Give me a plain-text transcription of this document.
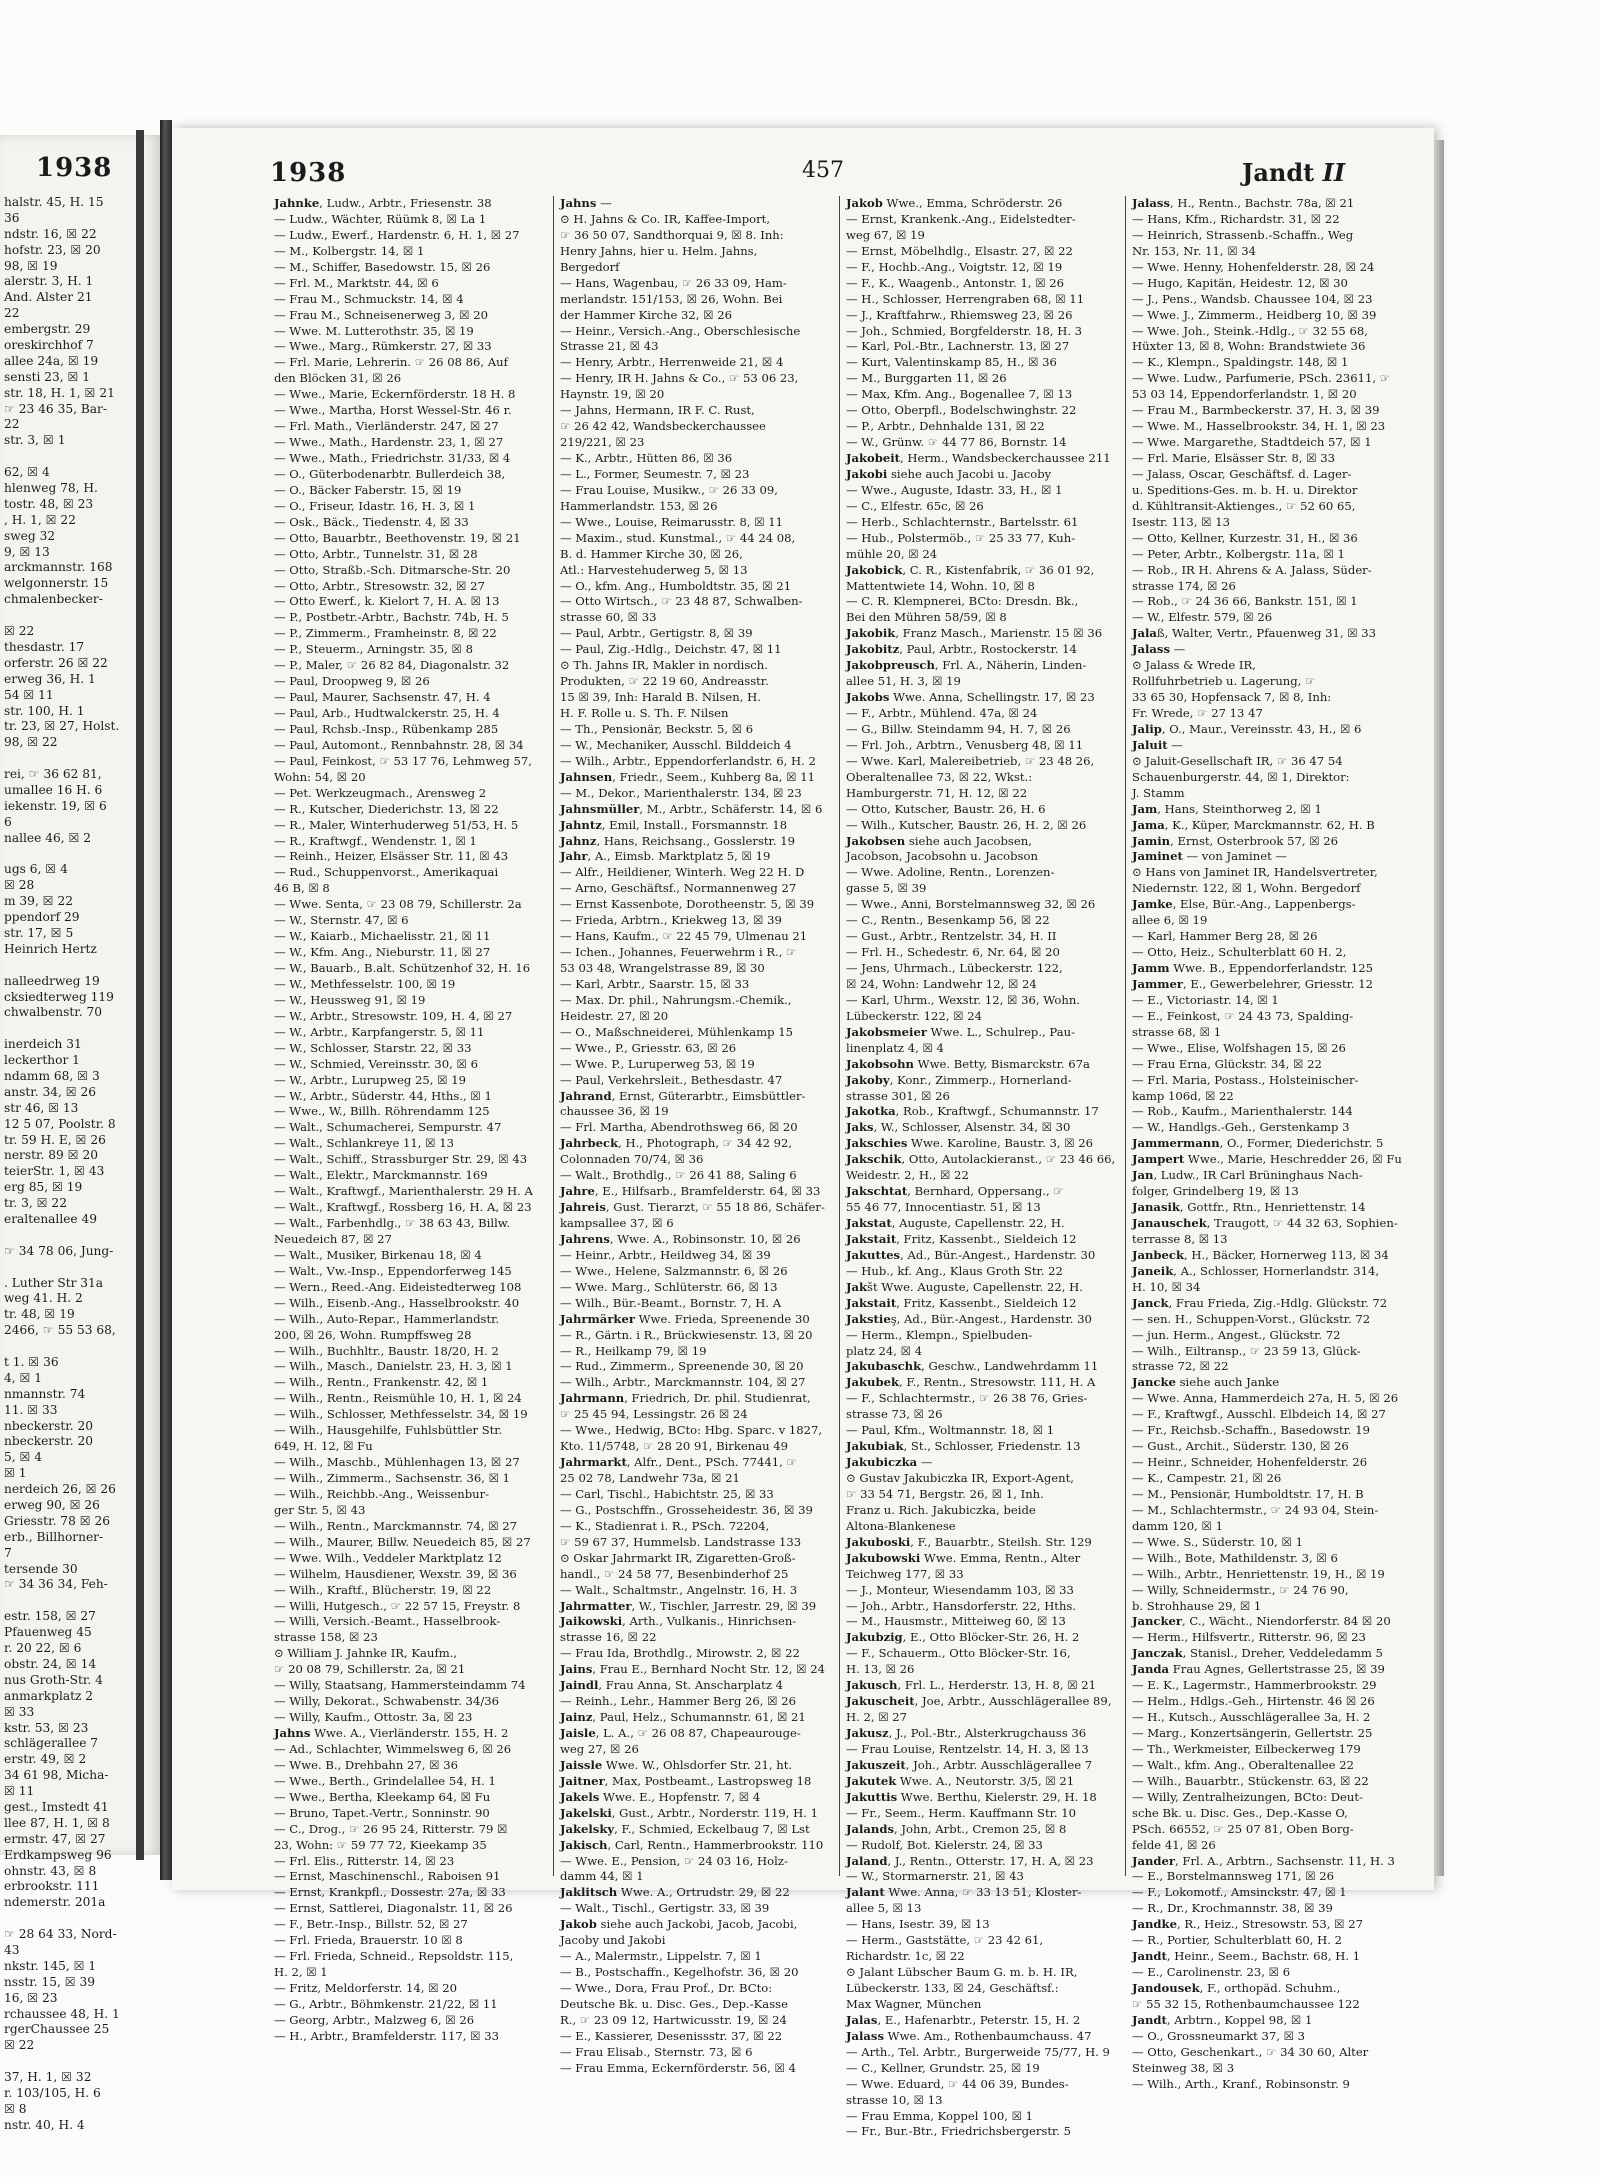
1938
halstr. 45, H. 15
36
ndstr. 16, ☒ 22
hofstr. 23, ☒ 20
98, ☒ 19
alerstr. 3, H. 1
And. Alster 21
22
embergstr. 29
oreskirchhof 7
allee 24a, ☒ 19
sensti 23, ☒ 1
str. 18, H. 1, ☒ 21
☞ 23 46 35, Bar-
22
str. 3, ☒ 1
62, ☒ 4
hlenweg 78, H.
tostr. 48, ☒ 23
, H. 1, ☒ 22
sweg 32
9, ☒ 13
arckmannstr. 168
welgonnerstr. 15
chmalenbecker-
☒ 22
thesdastr. 17
orferstr. 26 ☒ 22
erweg 36, H. 1
54 ☒ 11
str. 100, H. 1
tr. 23, ☒ 27, Holst.
98, ☒ 22
rei, ☞ 36 62 81,
umallee 16 H. 6
iekenstr. 19, ☒ 6
6
nallee 46, ☒ 2
ugs 6, ☒ 4
☒ 28
m 39, ☒ 22
ppendorf 29
str. 17, ☒ 5
Heinrich Hertz
nalleedrweg 19
cksiedterweg 119
chwalbenstr. 70
inerdeich 31
leckerthor 1
ndamm 68, ☒ 3
anstr. 34, ☒ 26
str 46, ☒ 13
12 5 07, Poolstr. 8
tr. 59 H. E, ☒ 26
nerstr. 89 ☒ 20
teierStr. 1, ☒ 43
erg 85, ☒ 19
tr. 3, ☒ 22
eraltenallee 49
☞ 34 78 06, Jung-
. Luther Str 31a
weg 41. H. 2
tr. 48, ☒ 19
2466, ☞ 55 53 68,
t 1. ☒ 36
4, ☒ 1
nmannstr. 74
11. ☒ 33
nbeckerstr. 20
nbeckerstr. 20
5, ☒ 4
☒ 1
nerdeich 26, ☒ 26
erweg 90, ☒ 26
Griesstr. 78 ☒ 26
erb., Billhorner-
7
tersende 30
☞ 34 36 34, Feh-
estr. 158, ☒ 27
Pfauenweg 45
r. 20 22, ☒ 6
obstr. 24, ☒ 14
nus Groth-Str. 4
anmarkplatz 2
☒ 33
kstr. 53, ☒ 23
schlägerallee 7
erstr. 49, ☒ 2
34 61 98, Micha-
☒ 11
gest., Imstedt 41
llee 87, H. 1, ☒ 8
ermstr. 47, ☒ 27
Erdkampsweg 96
ohnstr. 43, ☒ 8
erbrookstr. 111
ndemerstr. 201a
☞ 28 64 33, Nord-
43
nkstr. 145, ☒ 1
nsstr. 15, ☒ 39
16, ☒ 23
rchaussee 48, H. 1
rgerChaussee 25
☒ 22
37, H. 1, ☒ 32
r. 103/105, H. 6
☒ 8
nstr. 40, H. 4
1938	457	Jandt II
Jahnke, Ludw., Arbtr., Friesenstr. 38
— Ludw., Wächter, Rüümk 8, ☒ La 1
— Ludw., Ewerf., Hardenstr. 6, H. 1, ☒ 27
— M., Kolbergstr. 14, ☒ 1
— M., Schiffer, Basedowstr. 15, ☒ 26
— Frl. M., Marktstr. 44, ☒ 6
— Frau M., Schmuckstr. 14, ☒ 4
— Frau M., Schneisenerweg 3, ☒ 20
— Wwe. M. Lutterothstr. 35, ☒ 19
— Wwe., Marg., Rümkerstr. 27, ☒ 33
— Frl. Marie, Lehrerin. ☞ 26 08 86, Auf
den Blöcken 31, ☒ 26
— Wwe., Marie, Eckernförderstr. 18 H. 8
— Wwe., Martha, Horst Wessel-Str. 46 r.
— Frl. Math., Vierländerstr. 247, ☒ 27
— Wwe., Math., Hardenstr. 23, 1, ☒ 27
— Wwe., Math., Friedrichstr. 31/33, ☒ 4
— O., Güterbodenarbtr. Bullerdeich 38,
— O., Bäcker Faberstr. 15, ☒ 19
— O., Friseur, Idastr. 16, H. 3, ☒ 1
— Osk., Bäck., Tiedenstr. 4, ☒ 33
— Otto, Bauarbtr., Beethovenstr. 19, ☒ 21
— Otto, Arbtr., Tunnelstr. 31, ☒ 28
— Otto, Straßb.-Sch. Ditmarsche-Str. 20
— Otto, Arbtr., Stresowstr. 32, ☒ 27
— Otto Ewerf., k. Kielort 7, H. A. ☒ 13
— P., Postbetr.-Arbtr., Bachstr. 74b, H. 5
— P., Zimmerm., Framheinstr. 8, ☒ 22
— P., Steuerm., Arningstr. 35, ☒ 8
— P., Maler, ☞ 26 82 84, Diagonalstr. 32
— Paul, Droopweg 9, ☒ 26
— Paul, Maurer, Sachsenstr. 47, H. 4
— Paul, Arb., Hudtwalckerstr. 25, H. 4
— Paul, Rchsb.-Insp., Rübenkamp 285
— Paul, Automont., Rennbahnstr. 28, ☒ 34
— Paul, Feinkost, ☞ 53 17 76, Lehmweg 57,
Wohn: 54, ☒ 20
— Pet. Werkzeugmach., Arensweg 2
— R., Kutscher, Diederichstr. 13, ☒ 22
— R., Maler, Winterhuderweg 51/53, H. 5
— R., Kraftwgf., Wendenstr. 1, ☒ 1
— Reinh., Heizer, Elsässer Str. 11, ☒ 43
— Rud., Schuppenvorst., Amerikaquai
46 B, ☒ 8
— Wwe. Senta, ☞ 23 08 79, Schillerstr. 2a
— W., Sternstr. 47, ☒ 6
— W., Kaiarb., Michaelisstr. 21, ☒ 11
— W., Kfm. Ang., Nieburstr. 11, ☒ 27
— W., Bauarb., B.alt. Schützenhof 32, H. 16
— W., Methfesselstr. 100, ☒ 19
— W., Heussweg 91, ☒ 19
— W., Arbtr., Stresowstr. 109, H. 4, ☒ 27
— W., Arbtr., Karpfangerstr. 5, ☒ 11
— W., Schlosser, Starstr. 22, ☒ 33
— W., Schmied, Vereinsstr. 30, ☒ 6
— W., Arbtr., Lurupweg 25, ☒ 19
— W., Arbtr., Süderstr. 44, Hths., ☒ 1
— Wwe., W., Billh. Röhrendamm 125
— Walt., Schumacherei, Sempurstr. 47
— Walt., Schlankreye 11, ☒ 13
— Walt., Schiff., Strassburger Str. 29, ☒ 43
— Walt., Elektr., Marckmannstr. 169
— Walt., Kraftwgf., Marienthalerstr. 29 H. A
— Walt., Kraftwgf., Rossberg 16, H. A, ☒ 23
— Walt., Farbenhdlg., ☞ 38 63 43, Billw.
Neuedeich 87, ☒ 27
— Walt., Musiker, Birkenau 18, ☒ 4
— Walt., Vw.-Insp., Eppendorferweg 145
— Wern., Reed.-Ang. Eideistedterweg 108
— Wilh., Eisenb.-Ang., Hasselbrookstr. 40
— Wilh., Auto-Repar., Hammerlandstr.
200, ☒ 26, Wohn. Rumpffsweg 28
— Wilh., Buchhltr., Baustr. 18/20, H. 2
— Wilh., Masch., Danielstr. 23, H. 3, ☒ 1
— Wilh., Rentn., Frankenstr. 42, ☒ 1
— Wilh., Rentn., Reismühle 10, H. 1, ☒ 24
— Wilh., Schlosser, Methfesselstr. 34, ☒ 19
— Wilh., Hausgehilfe, Fuhlsbüttler Str.
649, H. 12, ☒ Fu
— Wilh., Maschb., Mühlenhagen 13, ☒ 27
— Wilh., Zimmerm., Sachsenstr. 36, ☒ 1
— Wilh., Reichbb.-Ang., Weissenbur-
ger Str. 5, ☒ 43
— Wilh., Rentn., Marckmannstr. 74, ☒ 27
— Wilh., Maurer, Billw. Neuedeich 85, ☒ 27
— Wwe. Wilh., Veddeler Marktplatz 12
— Wilhelm, Hausdiener, Wexstr. 39, ☒ 36
— Wilh., Kraftf., Blücherstr. 19, ☒ 22
— Willi, Hutgesch., ☞ 22 57 15, Freystr. 8
— Willi, Versich.-Beamt., Hasselbrook-
strasse 158, ☒ 23
⊙ William J. Jahnke IR, Kaufm.,
☞ 20 08 79, Schillerstr. 2a, ☒ 21
— Willy, Staatsang, Hammersteindamm 74
— Willy, Dekorat., Schwabenstr. 34/36
— Willy, Kaufm., Ottostr. 3a, ☒ 23
Jahns Wwe. A., Vierländerstr. 155, H. 2
— Ad., Schlachter, Wimmelsweg 6, ☒ 26
— Wwe. B., Drehbahn 27, ☒ 36
— Wwe., Berth., Grindelallee 54, H. 1
— Wwe., Bertha, Kleekamp 64, ☒ Fu
— Bruno, Tapet.-Vertr., Sonninstr. 90
— C., Drog., ☞ 26 95 24, Ritterstr. 79 ☒
23, Wohn: ☞ 59 77 72, Kieekamp 35
— Frl. Elis., Ritterstr. 14, ☒ 23
— Ernst, Maschinenschl., Raboisen 91
— Ernst, Krankpfl., Dossestr. 27a, ☒ 33
— Ernst, Sattlerei, Diagonalstr. 11, ☒ 26
— F., Betr.-Insp., Billstr. 52, ☒ 27
— Frl. Frieda, Brauerstr. 10 ☒ 8
— Frl. Frieda, Schneid., Repsoldstr. 115,
H. 2, ☒ 1
— Fritz, Meldorferstr. 14, ☒ 20
— G., Arbtr., Böhmkenstr. 21/22, ☒ 11
— Georg, Arbtr., Malzweg 6, ☒ 26
— H., Arbtr., Bramfelderstr. 117, ☒ 33
Jahns —
⊙ H. Jahns & Co. IR, Kaffee-Import,
☞ 36 50 07, Sandthorquai 9, ☒ 8. Inh:
Henry Jahns, hier u. Helm. Jahns,
Bergedorf
— Hans, Wagenbau, ☞ 26 33 09, Ham-
merlandstr. 151/153, ☒ 26, Wohn. Bei
der Hammer Kirche 32, ☒ 26
— Heinr., Versich.-Ang., Oberschlesische
Strasse 21, ☒ 43
— Henry, Arbtr., Herrenweide 21, ☒ 4
— Henry, IR H. Jahns & Co., ☞ 53 06 23,
Haynstr. 19, ☒ 20
— Jahns, Hermann, IR F. C. Rust,
☞ 26 42 42, Wandsbeckerchaussee
219/221, ☒ 23
— K., Arbtr., Hütten 86, ☒ 36
— L., Former, Seumestr. 7, ☒ 23
— Frau Louise, Musikw., ☞ 26 33 09,
Hammerlandstr. 153, ☒ 26
— Wwe., Louise, Reimarusstr. 8, ☒ 11
— Maxim., stud. Kunstmal., ☞ 44 24 08,
B. d. Hammer Kirche 30, ☒ 26,
Atl.: Harvestehuderweg 5, ☒ 13
— O., kfm. Ang., Humboldtstr. 35, ☒ 21
— Otto Wirtsch., ☞ 23 48 87, Schwalben-
strasse 60, ☒ 33
— Paul, Arbtr., Gertigstr. 8, ☒ 39
— Paul, Zig.-Hdlg., Deichstr. 47, ☒ 11
⊙ Th. Jahns IR, Makler in nordisch.
Produkten, ☞ 22 19 60, Andreasstr.
15 ☒ 39, Inh: Harald B. Nilsen, H.
H. F. Rolle u. S. Th. F. Nilsen
— Th., Pensionär, Beckstr. 5, ☒ 6
— W., Mechaniker, Ausschl. Bilddeich 4
— Wilh., Arbtr., Eppendorferlandstr. 6, H. 2
Jahnsen, Friedr., Seem., Kuhberg 8a, ☒ 11
— M., Dekor., Marienthalerstr. 134, ☒ 23
Jahnsmüller, M., Arbtr., Schäferstr. 14, ☒ 6
Jahntz, Emil, Install., Forsmannstr. 18
Jahnz, Hans, Reichsang., Gosslerstr. 19
Jahr, A., Eimsb. Marktplatz 5, ☒ 19
— Alfr., Heildiener, Winterh. Weg 22 H. D
— Arno, Geschäftsf., Normannenweg 27
— Ernst Kassenbote, Dorotheenstr. 5, ☒ 39
— Frieda, Arbtrn., Kriekweg 13, ☒ 39
— Hans, Kaufm., ☞ 22 45 79, Ulmenau 21
— Ichen., Johannes, Feuerwehrm i R., ☞
53 03 48, Wrangelstrasse 89, ☒ 30
— Karl, Arbtr., Saarstr. 15, ☒ 33
— Max. Dr. phil., Nahrungsm.-Chemik.,
Heidestr. 27, ☒ 20
— O., Maßschneiderei, Mühlenkamp 15
— Wwe., P., Griesstr. 63, ☒ 26
— Wwe. P., Luruperweg 53, ☒ 19
— Paul, Verkehrsleit., Bethesdastr. 47
Jahrand, Ernst, Güterarbtr., Eimsbüttler-
chaussee 36, ☒ 19
— Frl. Martha, Abendrothsweg 66, ☒ 20
Jahrbeck, H., Photograph, ☞ 34 42 92,
Colonnaden 70/74, ☒ 36
— Walt., Brothdlg., ☞ 26 41 88, Saling 6
Jahre, E., Hilfsarb., Bramfelderstr. 64, ☒ 33
Jahreis, Gust. Tierarzt, ☞ 55 18 86, Schäfer-
kampsallee 37, ☒ 6
Jahrens, Wwe. A., Robinsonstr. 10, ☒ 26
— Heinr., Arbtr., Heildweg 34, ☒ 39
— Wwe., Helene, Salzmannstr. 6, ☒ 26
— Wwe. Marg., Schlüterstr. 66, ☒ 13
— Wilh., Bür.-Beamt., Bornstr. 7, H. A
Jahrmärker Wwe. Frieda, Spreenende 30
— R., Gärtn. i R., Brückwiesenstr. 13, ☒ 20
— R., Heilkamp 79, ☒ 19
— Rud., Zimmerm., Spreenende 30, ☒ 20
— Wilh., Arbtr., Marckmannstr. 104, ☒ 27
Jahrmann, Friedrich, Dr. phil. Studienrat,
☞ 25 45 94, Lessingstr. 26 ☒ 24
— Wwe., Hedwig, BCto: Hbg. Sparc. v 1827,
Kto. 11/5748, ☞ 28 20 91, Birkenau 49
Jahrmarkt, Alfr., Dent., PSch. 77441, ☞
25 02 78, Landwehr 73a, ☒ 21
— Carl, Tischl., Habichtstr. 25, ☒ 33
— G., Postschffn., Grosseheidestr. 36, ☒ 39
— K., Stadienrat i. R., PSch. 72204,
☞ 59 67 37, Hummelsb. Landstrasse 133
⊙ Oskar Jahrmarkt IR, Zigaretten-Groß-
handl., ☞ 24 58 77, Besenbinderhof 25
— Walt., Schaltmstr., Angelnstr. 16, H. 3
Jahrmatter, W., Tischler, Jarrestr. 29, ☒ 39
Jaikowski, Arth., Vulkanis., Hinrichsen-
strasse 16, ☒ 22
— Frau Ida, Brothdlg., Mirowstr. 2, ☒ 22
Jains, Frau E., Bernhard Nocht Str. 12, ☒ 24
Jaindl, Frau Anna, St. Anscharplatz 4
— Reinh., Lehr., Hammer Berg 26, ☒ 26
Jainz, Paul, Helz., Schumannstr. 61, ☒ 21
Jaisle, L. A., ☞ 26 08 87, Chapeaurouge-
weg 27, ☒ 26
Jaissle Wwe. W., Ohlsdorfer Str. 21, ht.
Jaitner, Max, Postbeamt., Lastropsweg 18
Jakels Wwe. E., Hopfenstr. 7, ☒ 4
Jakelski, Gust., Arbtr., Norderstr. 119, H. 1
Jakelsky, F., Schmied, Eckelbaug 7, ☒ Lst
Jakisch, Carl, Rentn., Hammerbrookstr. 110
— Wwe. E., Pension, ☞ 24 03 16, Holz-
damm 44, ☒ 1
Jaklitsch Wwe. A., Ortrudstr. 29, ☒ 22
— Walt., Tischl., Gertigstr. 33, ☒ 39
Jakob siehe auch Jackobi, Jacob, Jacobi,
Jacoby und Jakobi
— A., Malermstr., Lippelstr. 7, ☒ 1
— B., Postschaffn., Kegelhofstr. 36, ☒ 20
— Wwe., Dora, Frau Prof., Dr. BCto:
Deutsche Bk. u. Disc. Ges., Dep.-Kasse
R., ☞ 23 09 12, Hartwicusstr. 19, ☒ 24
— E., Kassierer, Desenissstr. 37, ☒ 22
— Frau Elisab., Sternstr. 73, ☒ 6
— Frau Emma, Eckernförderstr. 56, ☒ 4
Jakob Wwe., Emma, Schröderstr. 26
— Ernst, Krankenk.-Ang., Eidelstedter-
weg 67, ☒ 19
— Ernst, Möbelhdlg., Elsastr. 27, ☒ 22
— F., Hochb.-Ang., Voigtstr. 12, ☒ 19
— F., K., Waagenb., Antonstr. 1, ☒ 26
— H., Schlosser, Herrengraben 68, ☒ 11
— J., Kraftfahrw., Rhiemsweg 23, ☒ 26
— Joh., Schmied, Borgfelderstr. 18, H. 3
— Karl, Pol.-Btr., Lachnerstr. 13, ☒ 27
— Kurt, Valentinskamp 85, H., ☒ 36
— M., Burggarten 11, ☒ 26
— Max, Kfm. Ang., Bogenallee 7, ☒ 13
— Otto, Oberpfl., Bodelschwinghstr. 22
— P., Arbtr., Dehnhalde 131, ☒ 22
— W., Grünw. ☞ 44 77 86, Bornstr. 14
Jakobeit, Herm., Wandsbeckerchaussee 211
Jakobi siehe auch Jacobi u. Jacoby
— Wwe., Auguste, Idastr. 33, H., ☒ 1
— C., Elfestr. 65c, ☒ 26
— Herb., Schlachternstr., Bartelsstr. 61
— Hub., Polstermöb., ☞ 25 33 77, Kuh-
mühle 20, ☒ 24
Jakobick, C. R., Kistenfabrik, ☞ 36 01 92,
Mattentwiete 14, Wohn. 10, ☒ 8
— C. R. Klempnerei, BCto: Dresdn. Bk.,
Bei den Mühren 58/59, ☒ 8
Jakobik, Franz Masch., Marienstr. 15 ☒ 36
Jakobitz, Paul, Arbtr., Rostockerstr. 14
Jakobpreusch, Frl. A., Näherin, Linden-
allee 51, H. 3, ☒ 19
Jakobs Wwe. Anna, Schellingstr. 17, ☒ 23
— F., Arbtr., Mühlend. 47a, ☒ 24
— G., Billw. Steindamm 94, H. 7, ☒ 26
— Frl. Joh., Arbtrn., Venusberg 48, ☒ 11
— Wwe. Karl, Malereibetrieb, ☞ 23 48 26,
Oberaltenallee 73, ☒ 22, Wkst.:
Hamburgerstr. 71, H. 12, ☒ 22
— Otto, Kutscher, Baustr. 26, H. 6
— Wilh., Kutscher, Baustr. 26, H. 2, ☒ 26
Jakobsen siehe auch Jacobsen,
Jacobson, Jacobsohn u. Jacobson
— Wwe. Adoline, Rentn., Lorenzen-
gasse 5, ☒ 39
— Wwe., Anni, Borstelmannsweg 32, ☒ 26
— C., Rentn., Besenkamp 56, ☒ 22
— Gust., Arbtr., Rentzelstr. 34, H. II
— Frl. H., Schedestr. 6, Nr. 64, ☒ 20
— Jens, Uhrmach., Lübeckerstr. 122,
☒ 24, Wohn: Landwehr 12, ☒ 24
— Karl, Uhrm., Wexstr. 12, ☒ 36, Wohn.
Lübeckerstr. 122, ☒ 24
Jakobsmeier Wwe. L., Schulrep., Pau-
linenplatz 4, ☒ 4
Jakobsohn Wwe. Betty, Bismarckstr. 67a
Jakoby, Konr., Zimmerp., Hornerland-
strasse 301, ☒ 26
Jakotka, Rob., Kraftwgf., Schumannstr. 17
Jaks, W., Schlosser, Alsenstr. 34, ☒ 30
Jakschies Wwe. Karoline, Baustr. 3, ☒ 26
Jakschik, Otto, Autolackieranst., ☞ 23 46 66,
Weidestr. 2, H., ☒ 22
Jakschtat, Bernhard, Oppersang., ☞
55 46 77, Innocentiastr. 51, ☒ 13
Jakstat, Auguste, Capellenstr. 22, H.
Jakstait, Fritz, Kassenbt., Sieldeich 12
Jakuttes, Ad., Bür.-Angest., Hardenstr. 30
— Hub., kf. Ang., Klaus Groth Str. 22
Jakšt Wwe. Auguste, Capellenstr. 22, H.
Jakstait, Fritz, Kassenbt., Sieldeich 12
Jakstieş, Ad., Bür.-Angest., Hardenstr. 30
— Herm., Klempn., Spielbuden-
platz 24, ☒ 4
Jakubaschk, Geschw., Landwehrdamm 11
Jakubek, F., Rentn., Stresowstr. 111, H. A
— F., Schlachtermstr., ☞ 26 38 76, Gries-
strasse 73, ☒ 26
— Paul, Kfm., Woltmannstr. 18, ☒ 1
Jakubiak, St., Schlosser, Friedenstr. 13
Jakubiczka —
⊙ Gustav Jakubiczka IR, Export-Agent,
☞ 33 54 71, Bergstr. 26, ☒ 1, Inh.
Franz u. Rich. Jakubiczka, beide
Altona-Blankenese
Jakuboski, F., Bauarbtr., Steilsh. Str. 129
Jakubowski Wwe. Emma, Rentn., Alter
Teichweg 177, ☒ 33
— J., Monteur, Wiesendamm 103, ☒ 33
— Joh., Arbtr., Hansdorferstr. 22, Hths.
— M., Hausmstr., Mitteiweg 60, ☒ 13
Jakubzig, E., Otto Blöcker-Str. 26, H. 2
— F., Schauerm., Otto Blöcker-Str. 16,
H. 13, ☒ 26
Jakusch, Frl. L., Herderstr. 13, H. 8, ☒ 21
Jakuscheit, Joe, Arbtr., Ausschlägerallee 89,
H. 2, ☒ 27
Jakusz, J., Pol.-Btr., Alsterkrugchauss 36
— Frau Louise, Rentzelstr. 14, H. 3, ☒ 13
Jakuszeit, Joh., Arbtr. Ausschlägerallee 7
Jakutek Wwe. A., Neutorstr. 3/5, ☒ 21
Jakuttis Wwe. Berthu, Kielerstr. 29, H. 18
— Fr., Seem., Herm. Kauffmann Str. 10
Jalands, John, Arbt., Cremon 25, ☒ 8
— Rudolf, Bot. Kielerstr. 24, ☒ 33
Jaland, J., Rentn., Otterstr. 17, H. A, ☒ 23
— W., Stormarnerstr. 21, ☒ 43
Jalant Wwe. Anna, ☞ 33 13 51, Kloster-
allee 5, ☒ 13
— Hans, Isestr. 39, ☒ 13
— Herm., Gaststätte, ☞ 23 42 61,
Richardstr. 1c, ☒ 22
⊙ Jalant Lübscher Baum G. m. b. H. IR,
Lübeckerstr. 133, ☒ 24, Geschäftsf.:
Max Wagner, München
Jalas, E., Hafenarbtr., Peterstr. 15, H. 2
Jalass Wwe. Am., Rothenbaumchauss. 47
— Arth., Tel. Arbtr., Burgerweide 75/77, H. 9
— C., Kellner, Grundstr. 25, ☒ 19
— Wwe. Eduard, ☞ 44 06 39, Bundes-
strasse 10, ☒ 13
— Frau Emma, Koppel 100, ☒ 1
— Fr., Bur.-Btr., Friedrichsbergerstr. 5
Jalass, H., Rentn., Bachstr. 78a, ☒ 21
— Hans, Kfm., Richardstr. 31, ☒ 22
— Heinrich, Strassenb.-Schaffn., Weg
Nr. 153, Nr. 11, ☒ 34
— Wwe. Henny, Hohenfelderstr. 28, ☒ 24
— Hugo, Kapitän, Heidestr. 12, ☒ 30
— J., Pens., Wandsb. Chaussee 104, ☒ 23
— Wwe. J., Zimmerm., Heidberg 10, ☒ 39
— Wwe. Joh., Steink.-Hdlg., ☞ 32 55 68,
Hüxter 13, ☒ 8, Wohn: Brandstwiete 36
— K., Klempn., Spaldingstr. 148, ☒ 1
— Wwe. Ludw., Parfumerie, PSch. 23611, ☞
53 03 14, Eppendorferlandstr. 1, ☒ 20
— Frau M., Barmbeckerstr. 37, H. 3, ☒ 39
— Wwe. M., Hasselbrookstr. 34, H. 1, ☒ 23
— Wwe. Margarethe, Stadtdeich 57, ☒ 1
— Frl. Marie, Elsässer Str. 8, ☒ 33
— Jalass, Oscar, Geschäftsf. d. Lager-
u. Speditions-Ges. m. b. H. u. Direktor
d. Kühltransit-Aktienges., ☞ 52 60 65,
Isestr. 113, ☒ 13
— Otto, Kellner, Kurzestr. 31, H., ☒ 36
— Peter, Arbtr., Kolbergstr. 11a, ☒ 1
— Rob., IR H. Ahrens & A. Jalass, Süder-
strasse 174, ☒ 26
— Rob., ☞ 24 36 66, Bankstr. 151, ☒ 1
— W., Elfestr. 579, ☒ 26
Jalaß, Walter, Vertr., Pfauenweg 31, ☒ 33
Jalass —
⊙ Jalass & Wrede IR,
Rollfuhrbetrieb u. Lagerung, ☞
33 65 30, Hopfensack 7, ☒ 8, Inh:
Fr. Wrede, ☞ 27 13 47
Jalip, O., Maur., Vereinsstr. 43, H., ☒ 6
Jaluit —
⊙ Jaluit-Gesellschaft IR, ☞ 36 47 54
Schauenburgerstr. 44, ☒ 1, Direktor:
J. Stamm
Jam, Hans, Steinthorweg 2, ☒ 1
Jama, K., Küper, Marckmannstr. 62, H. B
Jamin, Ernst, Osterbrook 57, ☒ 26
Jaminet — von Jaminet —
⊙ Hans von Jaminet IR, Handelsvertreter,
Niedernstr. 122, ☒ 1, Wohn. Bergedorf
Jamke, Else, Bür.-Ang., Lappenbergs-
allee 6, ☒ 19
— Karl, Hammer Berg 28, ☒ 26
— Otto, Heiz., Schulterblatt 60 H. 2,
Jamm Wwe. B., Eppendorferlandstr. 125
Jammer, E., Gewerbelehrer, Griesstr. 12
— E., Victoriastr. 14, ☒ 1
— E., Feinkost, ☞ 24 43 73, Spalding-
strasse 68, ☒ 1
— Wwe., Elise, Wolfshagen 15, ☒ 26
— Frau Erna, Glückstr. 34, ☒ 22
— Frl. Maria, Postass., Holsteinischer-
kamp 106d, ☒ 22
— Rob., Kaufm., Marienthalerstr. 144
— W., Handlgs.-Geh., Gerstenkamp 3
Jammermann, O., Former, Diederichstr. 5
Jampert Wwe., Marie, Heschredder 26, ☒ Fu
Jan, Ludw., IR Carl Brüninghaus Nach-
folger, Grindelberg 19, ☒ 13
Janasik, Gottfr., Rtn., Henriettenstr. 14
Janauschek, Traugott, ☞ 44 32 63, Sophien-
terrasse 8, ☒ 13
Janbeck, H., Bäcker, Hornerweg 113, ☒ 34
Janeik, A., Schlosser, Hornerlandstr. 314,
H. 10, ☒ 34
Janck, Frau Frieda, Zig.-Hdlg. Glückstr. 72
— sen. H., Schuppen-Vorst., Glückstr. 72
— jun. Herm., Angest., Glückstr. 72
— Wilh., Eiltransp., ☞ 23 59 13, Glück-
strasse 72, ☒ 22
Jancke siehe auch Janke
— Wwe. Anna, Hammerdeich 27a, H. 5, ☒ 26
— F., Kraftwgf., Ausschl. Elbdeich 14, ☒ 27
— Fr., Reichsb.-Schaffn., Basedowstr. 19
— Gust., Archit., Süderstr. 130, ☒ 26
— Heinr., Schneider, Hohenfelderstr. 26
— K., Campestr. 21, ☒ 26
— M., Pensionär, Humboldtstr. 17, H. B
— M., Schlachtermstr., ☞ 24 93 04, Stein-
damm 120, ☒ 1
— Wwe. S., Süderstr. 10, ☒ 1
— Wilh., Bote, Mathildenstr. 3, ☒ 6
— Wilh., Arbtr., Henriettenstr. 19, H., ☒ 19
— Willy, Schneidermstr., ☞ 24 76 90,
b. Strohhause 29, ☒ 1
Jancker, C., Wächt., Niendorferstr. 84 ☒ 20
— Herm., Hilfsvertr., Ritterstr. 96, ☒ 23
Janczak, Stanisl., Dreher, Veddeledamm 5
Janda Frau Agnes, Gellertstrasse 25, ☒ 39
— E. K., Lagermstr., Hammerbrookstr. 29
— Helm., Hdlgs.-Geh., Hirtenstr. 46 ☒ 26
— H., Kutsch., Ausschlägerallee 3a, H. 2
— Marg., Konzertsängerin, Gellertstr. 25
— Th., Werkmeister, Eilbeckerweg 179
— Walt., kfm. Ang., Oberaltenallee 22
— Wilh., Bauarbtr., Stückenstr. 63, ☒ 22
— Willy, Zentralheizungen, BCto: Deut-
sche Bk. u. Disc. Ges., Dep.-Kasse O,
PSch. 66552, ☞ 25 07 81, Oben Borg-
felde 41, ☒ 26
Jander, Frl. A., Arbtrn., Sachsenstr. 11, H. 3
— E., Borstelmannsweg 171, ☒ 26
— F., Lokomotf., Amsinckstr. 47, ☒ 1
— R., Dr., Krochmannstr. 38, ☒ 39
Jandke, R., Heiz., Stresowstr. 53, ☒ 27
— R., Portier, Schulterblatt 60, H. 2
Jandt, Heinr., Seem., Bachstr. 68, H. 1
— E., Carolinenstr. 23, ☒ 6
Jandousek, F., orthopäd. Schuhm.,
☞ 55 32 15, Rothenbaumchaussee 122
Jandt, Arbtrn., Koppel 98, ☒ 1
— O., Grossneumarkt 37, ☒ 3
— Otto, Geschenkart., ☞ 34 30 60, Alter
Steinweg 38, ☒ 3
— Wilh., Arth., Kranf., Robinsonstr. 9
